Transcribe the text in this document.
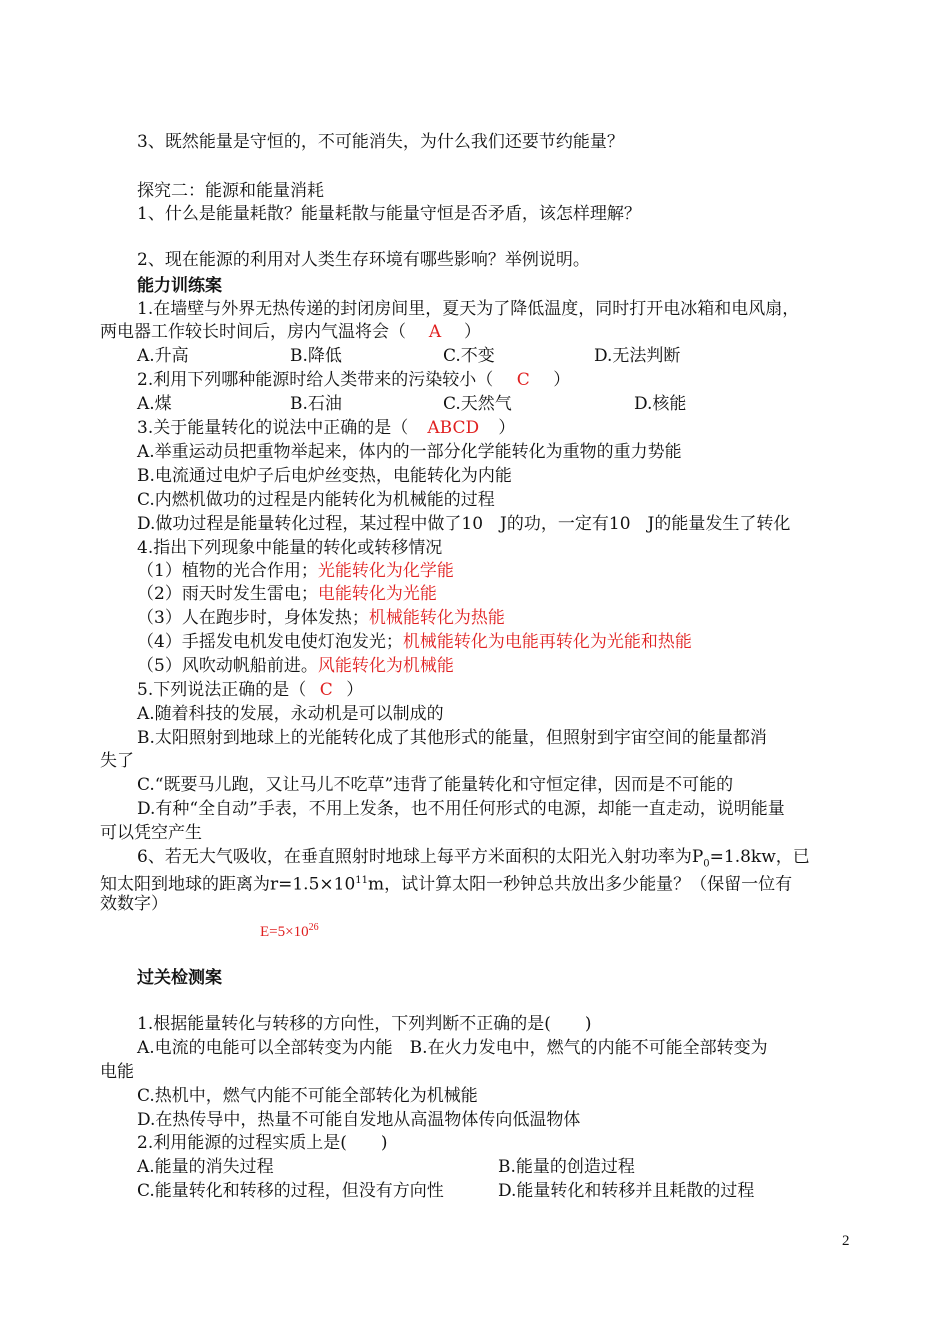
3、既然能量是守恒的，不可能消失，为什么我们还要节约能量？
探究二：能源和能量消耗
1、什么是能量耗散？能量耗散与能量守恒是否矛盾，该怎样理解？
2、现在能源的利用对人类生存环境有哪些影响？举例说明。
能力训练案
1.在墙壁与外界无热传递的封闭房间里，夏天为了降低温度，同时打开电冰箱和电风扇，
两电器工作较长时间后，房内气温将会（ A ）
A.升高	B.降低	C.不变	D.无法判断
2.利用下列哪种能源时给人类带来的污染较小（ C ）
A.煤	B.石油	C.天然气	D.核能
3.关于能量转化的说法中正确的是（ ABCD ）
A.举重运动员把重物举起来，体内的一部分化学能转化为重物的重力势能
B.电流通过电炉子后电炉丝变热，电能转化为内能
C.内燃机做功的过程是内能转化为机械能的过程
D.做功过程是能量转化过程，某过程中做了10　J的功，一定有10　J的能量发生了转化
4.指出下列现象中能量的转化或转移情况
（1）植物的光合作用；光能转化为化学能
（2）雨天时发生雷电；电能转化为光能
（3）人在跑步时，身体发热；机械能转化为热能
（4）手摇发电机发电使灯泡发光；机械能转化为电能再转化为光能和热能
（5）风吹动帆船前进。风能转化为机械能
5.下列说法正确的是（ C ）
A.随着科技的发展，永动机是可以制成的
B.太阳照射到地球上的光能转化成了其他形式的能量，但照射到宇宙空间的能量都消
失了
C.“既要马儿跑，又让马儿不吃草”违背了能量转化和守恒定律，因而是不可能的
D.有种“全自动”手表，不用上发条，也不用任何形式的电源，却能一直走动，说明能量
可以凭空产生
6、若无大气吸收，在垂直照射时地球上每平方米面积的太阳光入射功率为$P_0=1.8kw$，已
知太阳到地球的距离为$r=1.5\times 10^{11}m$，试计算太阳一秒钟总共放出多少能量？（保留一位有
效数字）
$E=5\times 10^{26}$
过关检测案
1.根据能量转化与转移的方向性，下列判断不正确的是(　　)
A.电流的电能可以全部转变为内能　B.在火力发电中，燃气的内能不可能全部转变为
电能
C.热机中，燃气内能不可能全部转化为机械能
D.在热传导中，热量不可能自发地从高温物体传向低温物体
2.利用能源的过程实质上是(　　)
A.能量的消失过程	B.能量的创造过程
C.能量转化和转移的过程，但没有方向性	D.能量转化和转移并且耗散的过程
2
